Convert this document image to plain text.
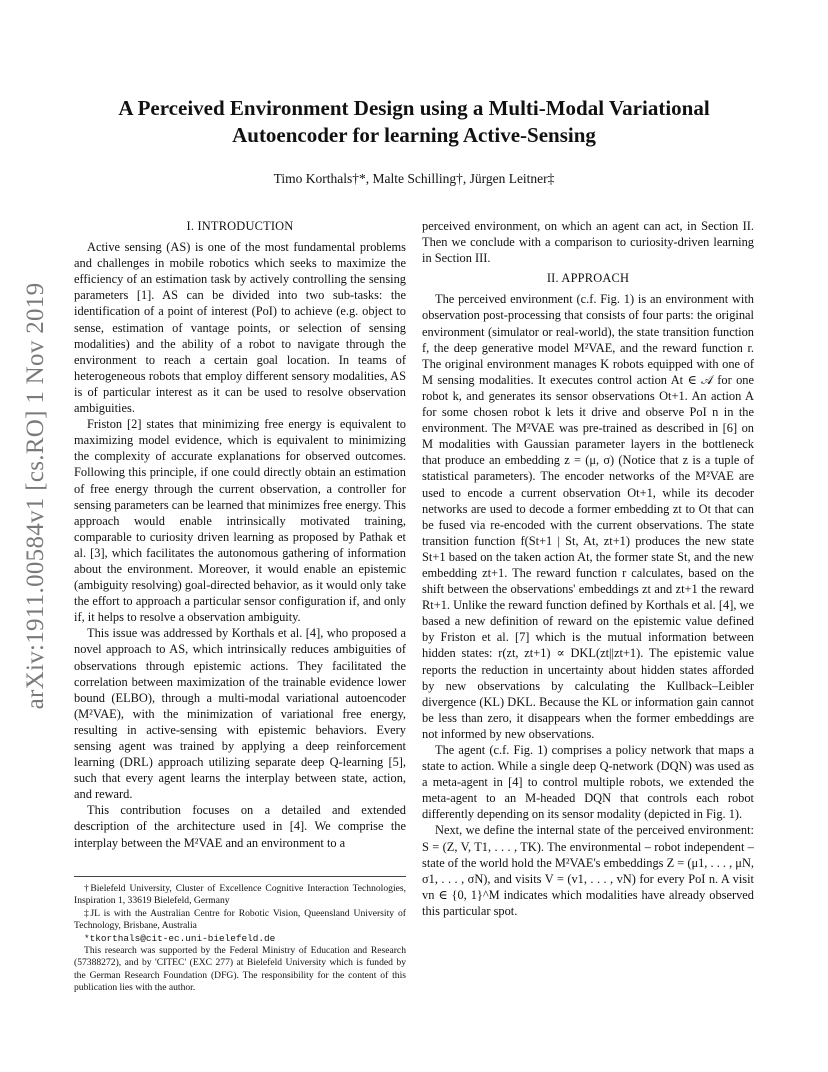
arXiv:1911.00584v1 [cs.RO] 1 Nov 2019
A Perceived Environment Design using a Multi-Modal Variational Autoencoder for learning Active-Sensing
Timo Korthals†*, Malte Schilling†, Jürgen Leitner‡
I. INTRODUCTION

Active sensing (AS) is one of the most fundamental problems and challenges in mobile robotics which seeks to maximize the efficiency of an estimation task by actively controlling the sensing parameters [1]. AS can be divided into two sub-tasks: the identification of a point of interest (PoI) to achieve (e.g. object to sense, estimation of vantage points, or selection of sensing modalities) and the ability of a robot to navigate through the environment to reach a certain goal location. In teams of heterogeneous robots that employ different sensory modalities, AS is of particular interest as it can be used to resolve observation ambiguities.

Friston [2] states that minimizing free energy is equivalent to maximizing model evidence, which is equivalent to minimizing the complexity of accurate explanations for observed outcomes. Following this principle, if one could directly obtain an estimation of free energy through the current observation, a controller for sensing parameters can be learned that minimizes free energy. This approach would enable intrinsically motivated training, comparable to curiosity driven learning as proposed by Pathak et al. [3], which facilitates the autonomous gathering of information about the environment. Moreover, it would enable an epistemic (ambiguity resolving) goal-directed behavior, as it would only take the effort to approach a particular sensor configuration if, and only if, it helps to resolve a observation ambiguity.

This issue was addressed by Korthals et al. [4], who proposed a novel approach to AS, which intrinsically reduces ambiguities of observations through epistemic actions. They facilitated the correlation between maximization of the trainable evidence lower bound (ELBO), through a multi-modal variational autoencoder (M²VAE), with the minimization of variational free energy, resulting in active-sensing with epistemic behaviors. Every sensing agent was trained by applying a deep reinforcement learning (DRL) approach utilizing separate deep Q-learning [5], such that every agent learns the interplay between state, action, and reward.

This contribution focuses on a detailed and extended description of the architecture used in [4]. We comprise the interplay between the M²VAE and an environment to a

†Bielefeld University, Cluster of Excellence Cognitive Interaction Technologies, Inspiration 1, 33619 Bielefeld, Germany

‡JL is with the Australian Centre for Robotic Vision, Queensland University of Technology, Brisbane, Australia

*tkorthals@cit-ec.uni-bielefeld.de

This research was supported by the Federal Ministry of Education and Research (57388272), and by 'CITEC' (EXC 277) at Bielefeld University which is funded by the German Research Foundation (DFG). The responsibility for the content of this publication lies with the author.

perceived environment, on which an agent can act, in Section II. Then we conclude with a comparison to curiosity-driven learning in Section III.

II. APPROACH

The perceived environment (c.f. Fig. 1) is an environment with observation post-processing that consists of four parts: the original environment (simulator or real-world), the state transition function f, the deep generative model M²VAE, and the reward function r. The original environment manages K robots equipped with one of M sensing modalities. It executes control action At ∈ 𝒜 for one robot k, and generates its sensor observations Ot+1. An action A for some chosen robot k lets it drive and observe PoI n in the environment. The M²VAE was pre-trained as described in [6] on M modalities with Gaussian parameter layers in the bottleneck that produce an embedding z = (μ, σ) (Notice that z is a tuple of statistical parameters). The encoder networks of the M²VAE are used to encode a current observation Ot+1, while its decoder networks are used to decode a former embedding zt to Ot that can be fused via re-encoded with the current observations. The state transition function f(St+1 | St, At, zt+1) produces the new state St+1 based on the taken action At, the former state St, and the new embedding zt+1. The reward function r calculates, based on the shift between the observations' embeddings zt and zt+1 the reward Rt+1. Unlike the reward function defined by Korthals et al. [4], we based a new definition of reward on the epistemic value defined by Friston et al. [7] which is the mutual information between hidden states: r(zt, zt+1) ∝ DKL(zt||zt+1). The epistemic value reports the reduction in uncertainty about hidden states afforded by new observations by calculating the Kullback–Leibler divergence (KL) DKL. Because the KL or information gain cannot be less than zero, it disappears when the former embeddings are not informed by new observations.

The agent (c.f. Fig. 1) comprises a policy network that maps a state to action. While a single deep Q-network (DQN) was used as a meta-agent in [4] to control multiple robots, we extended the meta-agent to an M-headed DQN that controls each robot differently depending on its sensor modality (depicted in Fig. 1).

Next, we define the internal state of the perceived environment: S = (Z, V, T1, . . . , TK). The environmental – robot independent – state of the world hold the M²VAE's embeddings Z = (μ1, . . . , μN, σ1, . . . , σN), and visits V = (v1, . . . , vN) for every PoI n. A visit vn ∈ {0, 1}^M indicates which modalities have already observed this particular spot.
